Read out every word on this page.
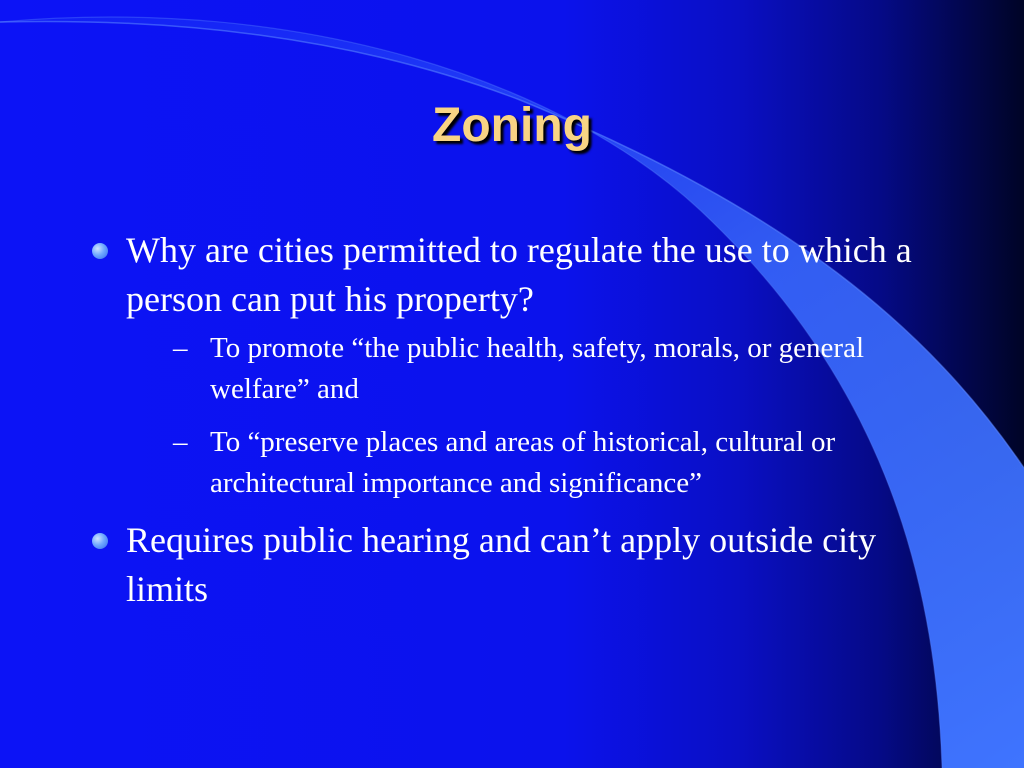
Zoning
Why are cities permitted to regulate the use to which a person can put his property?
– To promote “the public health, safety, morals, or general welfare” and
– To “preserve places and areas of historical, cultural or architectural importance and significance”
Requires public hearing and can’t apply outside city limits
